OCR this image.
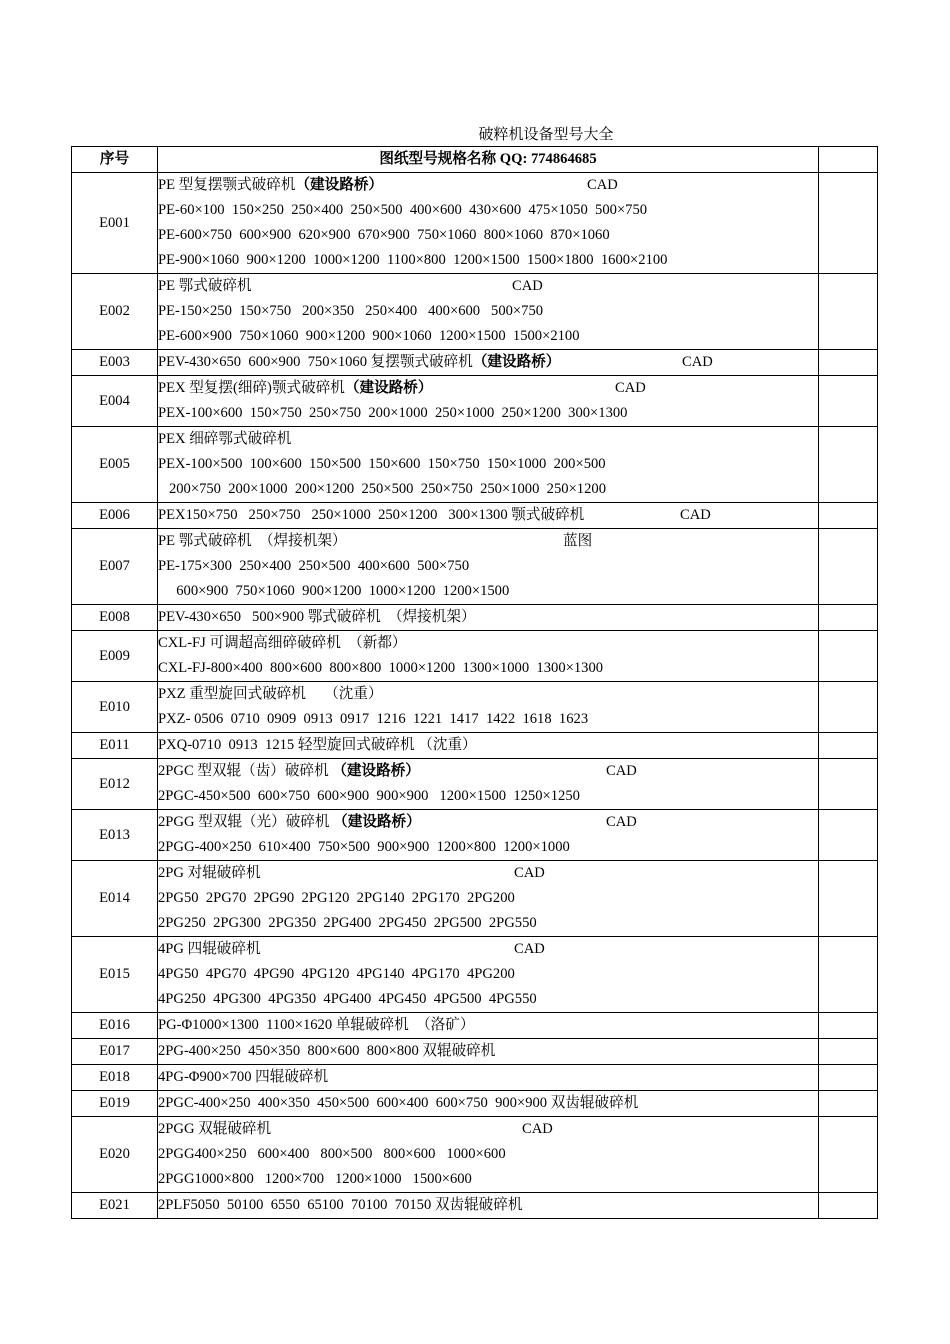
破粹机设备型号大全
序号	图纸型号规格名称 QQ: 774864685	
E001	PE 型复摆颚式破碎机（建设路桥） CAD
PE-60×100  150×250  250×400  250×500  400×600  430×600  475×1050  500×750
PE-600×750  600×900  620×900  670×900  750×1060  800×1060  870×1060
PE-900×1060  900×1200  1000×1200  1100×800  1200×1500  1500×1800  1600×2100	

E002	PE 鄂式破碎机 CAD
PE-150×250  150×750   200×350   250×400   400×600   500×750
PE-600×900  750×1060  900×1200  900×1060  1200×1500  1500×2100	

E003	PEV-430×650  600×900  750×1060 复摆颚式破碎机（建设路桥） CAD	

E004	PEX 型复摆(细碎)颚式破碎机（建设路桥） CAD
PEX-100×600  150×750  250×750  200×1000  250×1000  250×1200  300×1300	

E005	PEX 细碎鄂式破碎机
PEX-100×500  100×600  150×500  150×600  150×750  150×1000  200×500
200×750  200×1000  200×1200  250×500  250×750  250×1000  250×1200	

E006	PEX150×750   250×750   250×1000  250×1200   300×1300 颚式破碎机 CAD	

E007	PE 鄂式破碎机  （焊接机架） 蓝图
PE-175×300  250×400  250×500  400×600  500×750
600×900  750×1060  900×1200  1000×1200  1200×1500	

E008	PEV-430×650   500×900 鄂式破碎机  （焊接机架）	

E009	CXL-FJ 可调超高细碎破碎机  （新都）
CXL-FJ-800×400  800×600  800×800  1000×1200  1300×1000  1300×1300	

E010	PXZ 重型旋回式破碎机     （沈重）
PXZ- 0506  0710  0909  0913  0917  1216  1221  1417  1422  1618  1623	

E011	PXQ-0710  0913  1215 轻型旋回式破碎机 （沈重）	

E012	2PGC 型双辊（齿）破碎机 （建设路桥） CAD
2PGC-450×500  600×750  600×900  900×900   1200×1500  1250×1250	

E013	2PGG 型双辊（光）破碎机 （建设路桥） CAD
2PGG-400×250  610×400  750×500  900×900  1200×800  1200×1000	

E014	2PG 对辊破碎机 CAD
2PG50  2PG70  2PG90  2PG120  2PG140  2PG170  2PG200
2PG250  2PG300  2PG350  2PG400  2PG450  2PG500  2PG550	

E015	4PG 四辊破碎机 CAD
4PG50  4PG70  4PG90  4PG120  4PG140  4PG170  4PG200
4PG250  4PG300  4PG350  4PG400  4PG450  4PG500  4PG550	

E016	PG-Φ1000×1300  1100×1620 单辊破碎机  （洛矿）	

E017	2PG-400×250  450×350  800×600  800×800 双辊破碎机	

E018	4PG-Φ900×700 四辊破碎机	

E019	2PGC-400×250  400×350  450×500  600×400  600×750  900×900 双齿辊破碎机	

E020	2PGG 双辊破碎机 CAD
2PGG400×250   600×400   800×500   800×600   1000×600
2PGG1000×800   1200×700   1200×1000   1500×600	

E021	2PLF5050  50100  6550  65100  70100  70150 双齿辊破碎机	
